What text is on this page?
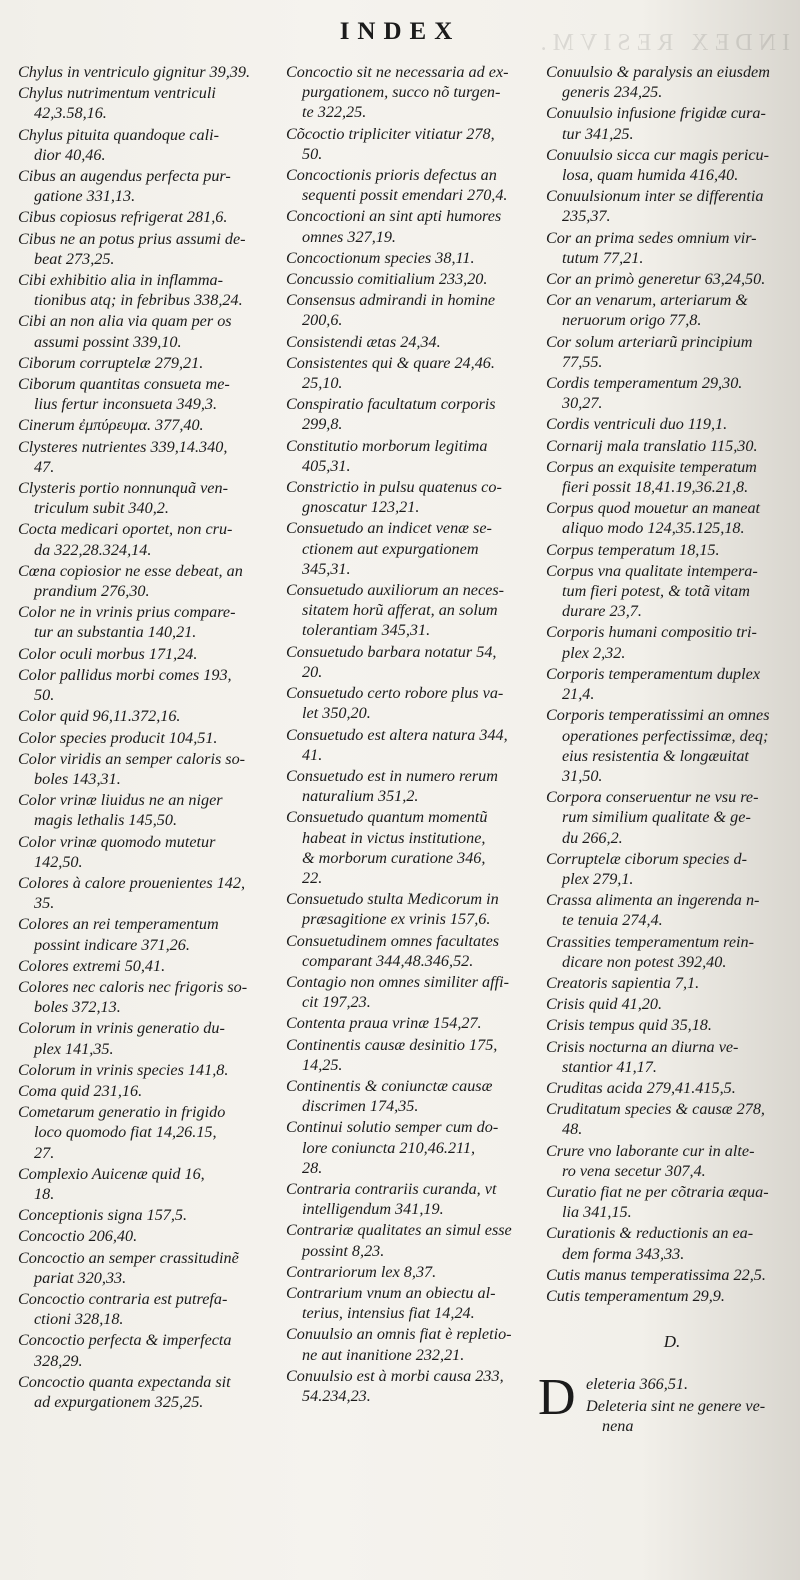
INDEX RESIVM.
INDEX
Chylus in ventriculo gignitur 39,39.
Chylus nutrimentum ventriculi
42,3.58,16.
Chylus pituita quandoque cali-
dior 40,46.
Cibus an augendus perfecta pur-
gatione 331,13.
Cibus copiosus refrigerat 281,6.
Cibus ne an potus prius assumi de-
beat 273,25.
Cibi exhibitio alia in inflamma-
tionibus atq; in febribus 338,24.
Cibi an non alia via quam per os
assumi possint 339,10.
Ciborum corruptelæ 279,21.
Ciborum quantitas consueta me-
lius fertur inconsueta 349,3.
Cinerum ἐμπύρευμα. 377,40.
Clysteres nutrientes 339,14.340,
47.
Clysteris portio nonnunquã ven-
triculum subit 340,2.
Cocta medicari oportet, non cru-
da 322,28.324,14.
Cœna copiosior ne esse debeat, an
prandium 276,30.
Color ne in vrinis prius compare-
tur an substantia 140,21.
Color oculi morbus 171,24.
Color pallidus morbi comes 193,
50.
Color quid 96,11.372,16.
Color species producit 104,51.
Color viridis an semper caloris so-
boles 143,31.
Color vrinæ liuidus ne an niger
magis lethalis 145,50.
Color vrinæ quomodo mutetur
142,50.
Colores à calore prouenientes 142,
35.
Colores an rei temperamentum
possint indicare 371,26.
Colores extremi 50,41.
Colores nec caloris nec frigoris so-
boles 372,13.
Colorum in vrinis generatio du-
plex 141,35.
Colorum in vrinis species 141,8.
Coma quid 231,16.
Cometarum generatio in frigido
loco quomodo fiat 14,26.15,
27.
Complexio Auicenæ quid 16,
18.
Conceptionis signa 157,5.
Concoctio 206,40.
Concoctio an semper crassitudinẽ
pariat 320,33.
Concoctio contraria est putrefa-
ctioni 328,18.
Concoctio perfecta & imperfecta
328,29.
Concoctio quanta expectanda sit
ad expurgationem 325,25.
Concoctio sit ne necessaria ad ex-
purgationem, succo nõ turgen-
te 322,25.
Cõcoctio tripliciter vitiatur 278,
50.
Concoctionis prioris defectus an
sequenti possit emendari 270,4.
Concoctioni an sint apti humores
omnes 327,19.
Concoctionum species 38,11.
Concussio comitialium 233,20.
Consensus admirandi in homine
200,6.
Consistendi ætas 24,34.
Consistentes qui & quare 24,46.
25,10.
Conspiratio facultatum corporis
299,8.
Constitutio morborum legitima
405,31.
Constrictio in pulsu quatenus co-
gnoscatur 123,21.
Consuetudo an indicet venæ se-
ctionem aut expurgationem
345,31.
Consuetudo auxiliorum an neces-
sitatem horũ afferat, an solum
tolerantiam 345,31.
Consuetudo barbara notatur 54,
20.
Consuetudo certo robore plus va-
let 350,20.
Consuetudo est altera natura 344,
41.
Consuetudo est in numero rerum
naturalium 351,2.
Consuetudo quantum momentũ
habeat in victus institutione,
& morborum curatione 346,
22.
Consuetudo stulta Medicorum in
præsagitione ex vrinis 157,6.
Consuetudinem omnes facultates
comparant 344,48.346,52.
Contagio non omnes similiter affi-
cit 197,23.
Contenta praua vrinæ 154,27.
Continentis causæ desinitio 175,
14,25.
Continentis & coniunctæ causæ
discrimen 174,35.
Continui solutio semper cum do-
lore coniuncta 210,46.211,
28.
Contraria contrariis curanda, vt
intelligendum 341,19.
Contrariæ qualitates an simul esse
possint 8,23.
Contrariorum lex 8,37.
Contrarium vnum an obiectu al-
terius, intensius fiat 14,24.
Conuulsio an omnis fiat è repletio-
ne aut inanitione 232,21.
Conuulsio est à morbi causa 233,
54.234,23.
Conuulsio & paralysis an eiusdem
generis 234,25.
Conuulsio infusione frigidæ cura-
tur 341,25.
Conuulsio sicca cur magis pericu-
losa, quam humida 416,40.
Conuulsionum inter se differentia
235,37.
Cor an prima sedes omnium vir-
tutum 77,21.
Cor an primò generetur 63,24,50.
Cor an venarum, arteriarum &
neruorum origo 77,8.
Cor solum arteriarũ principium
77,55.
Cordis temperamentum 29,30.
30,27.
Cordis ventriculi duo 119,1.
Cornarij mala translatio 115,30.
Corpus an exquisite temperatum
fieri possit 18,41.19,36.21,8.
Corpus quod mouetur an maneat
aliquo modo 124,35.125,18.
Corpus temperatum 18,15.
Corpus vna qualitate intempera-
tum fieri potest, & totã vitam
durare 23,7.
Corporis humani compositio tri-
plex 2,32.
Corporis temperamentum duplex
21,4.
Corporis temperatissimi an omnes
operationes perfectissimæ, deq;
eius resistentia & longæuitat
31,50.
Corpora conseruentur ne vsu re-
rum similium qualitate & ge-
du 266,2.
Corruptelæ ciborum species d-
plex 279,1.
Crassa alimenta an ingerenda n-
te tenuia 274,4.
Crassities temperamentum rein-
dicare non potest 392,40.
Creatoris sapientia 7,1.
Crisis quid 41,20.
Crisis tempus quid 35,18.
Crisis nocturna an diurna ve-
stantior 41,17.
Cruditas acida 279,41.415,5.
Cruditatum species & causæ 278,
48.
Crure vno laborante cur in alte-
ro vena secetur 307,4.
Curatio fiat ne per cõtraria æqua-
lia 341,15.
Curationis & reductionis an ea-
dem forma 343,33.
Cutis manus temperatissima 22,5.
Cutis temperamentum 29,9.
D.
D eleteria 366,51.
Deleteria sint ne genere ve-
nena
